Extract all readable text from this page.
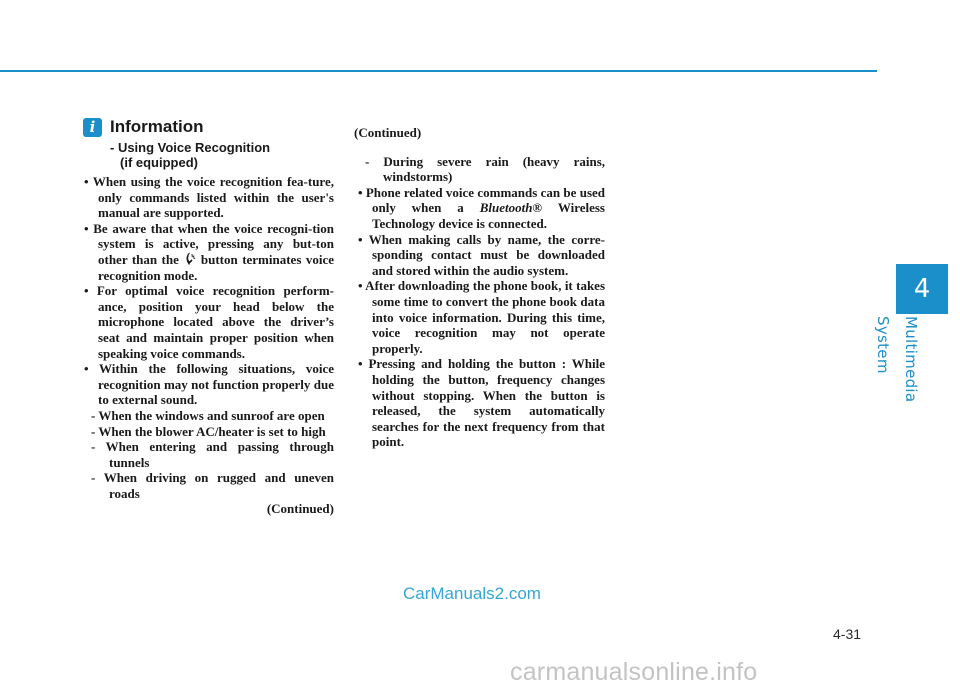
4
Multimedia System
i Information
- Using Voice Recognition
(if equipped)

• When using the voice recognition fea-ture, only commands listed within the user's manual are supported.

• Be aware that when the voice recogni-tion system is active, pressing any but-ton other than the button terminates voice recognition mode.

• For optimal voice recognition perform-ance, position your head below the microphone located above the driver’s seat and maintain proper position when speaking voice commands.

• Within the following situations, voice recognition may not function properly due to external sound.

- When the windows and sunroof are open

- When the blower AC/heater is set to high

- When entering and passing through tunnels

- When driving on rugged and uneven roads

(Continued)

(Continued)

- During severe rain (heavy rains, windstorms)

• Phone related voice commands can be used only when a Bluetooth® Wireless Technology device is connected.

• When making calls by name, the corre-sponding contact must be downloaded and stored within the audio system.

• After downloading the phone book, it takes some time to convert the phone book data into voice information. During this time, voice recognition may not operate properly.

• Pressing and holding the button : While holding the button, frequency changes without stopping. When the button is released, the system automatically searches for the next frequency from that point.

CarManuals2.com
4-31
carmanualsonline.info
